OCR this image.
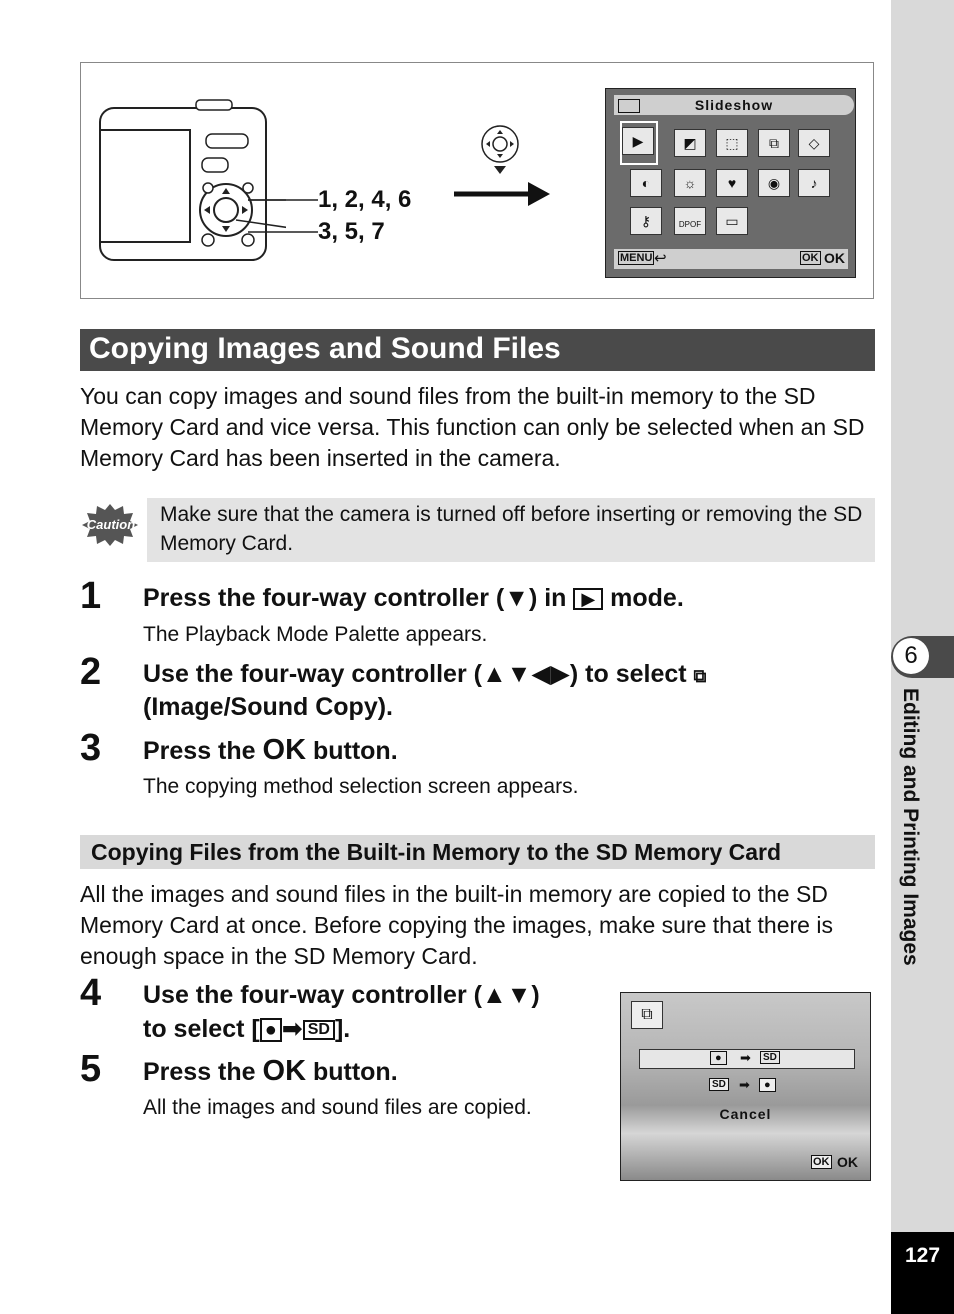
6
Editing and Printing Images
127
1, 2, 4, 6
3, 5, 7
Slideshow
▶	◩	⬚	⧉	◇
◐	☼	♥	◉	♪
⚷	DPOF	▭
MENU ↩	OK OK
Copying Images and Sound Files
You can copy images and sound files from the built-in memory to the SD Memory Card and vice versa. This function can only be selected when an SD Memory Card has been inserted in the camera.
Caution Make sure that the camera is turned off before inserting or removing the SD Memory Card.
1 Press the four-way controller (▼) in ▶ mode.
The Playback Mode Palette appears.
2 Use the four-way controller (▲▼◀▶) to select ⧉
(Image/Sound Copy).
3 Press the OK button.
The copying method selection screen appears.
Copying Files from the Built-in Memory to the SD Memory Card
All the images and sound files in the built-in memory are copied to the SD Memory Card at once. Before copying the images, make sure that there is enough space in the SD Memory Card.
4 Use the four-way controller (▲▼)
to select [ ● ➡ SD ].
5 Press the OK button.
All the images and sound files are copied.
⧉
●	➡	SD
SD ➡	●
Cancel
OK OK
